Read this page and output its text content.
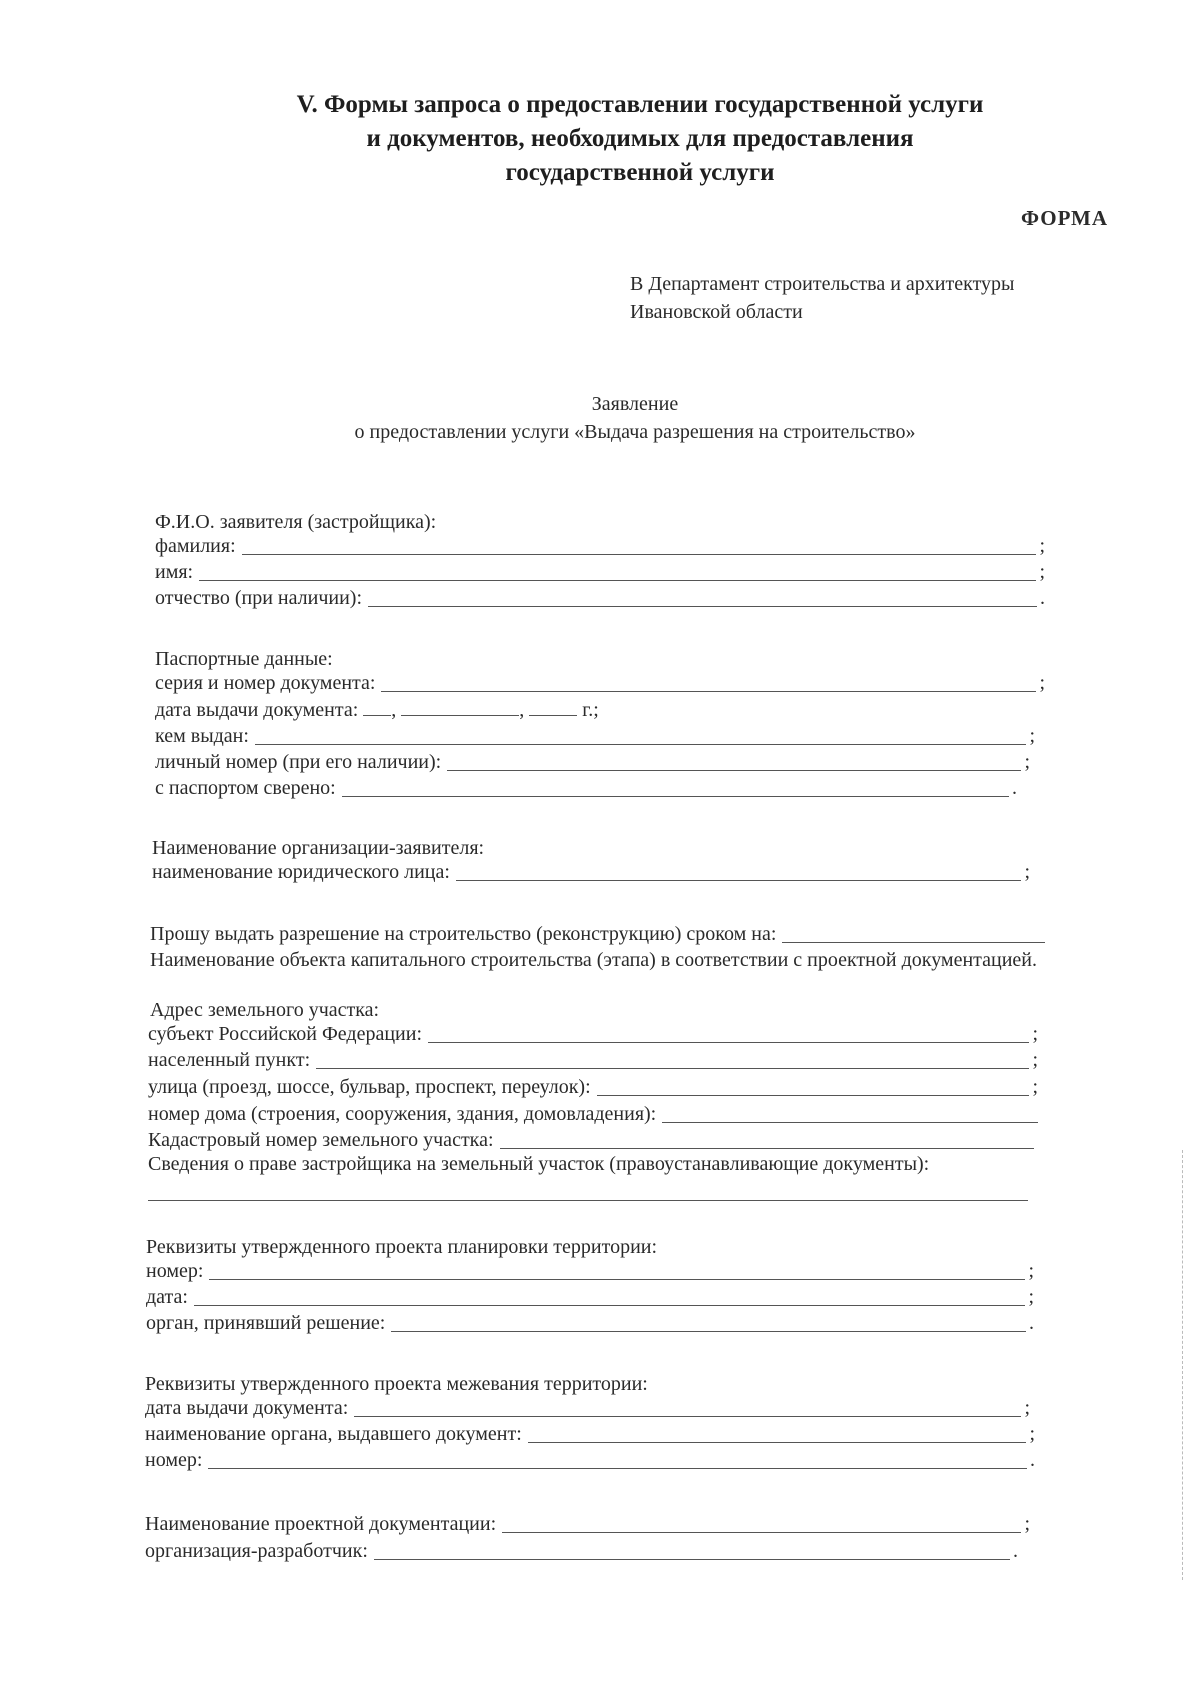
V. Формы запроса о предоставлении государственной услуги
и документов, необходимых для предоставления
государственной услуги
ФОРМА
В Департамент строительства и архитектуры
Ивановской области
Заявление
о предоставлении услуги «Выдача разрешения на строительство»
Ф.И.О. заявителя (застройщика):
фамилия:	;
имя:	;
отчество (при наличии):	.
Паспортные данные:
серия и номер документа:	;
дата выдачи документа: ,	,	г.;
кем выдан:	;
личный номер (при его наличии):	;
с паспортом сверено:	.
Наименование организации-заявителя:
наименование юридического лица:	;
Прошу выдать разрешение на строительство (реконструкцию) сроком на:
Наименование объекта капитального строительства (этапа) в соответствии с проектной документацией.
Адрес земельного участка:
субъект Российской Федерации:	;
населенный пункт:	;
улица (проезд, шоссе, бульвар, проспект, переулок):	;
номер дома (строения, сооружения, здания, домовладения):
Кадастровый номер земельного участка:
Сведения о праве застройщика на земельный участок (правоустанавливающие документы):
Реквизиты утвержденного проекта планировки территории:
номер:	;
дата:	;
орган, принявший решение:	.
Реквизиты утвержденного проекта межевания территории:
дата выдачи документа:	;
наименование органа, выдавшего документ:	;
номер:	.
Наименование проектной документации:	;
организация-разработчик:	.
